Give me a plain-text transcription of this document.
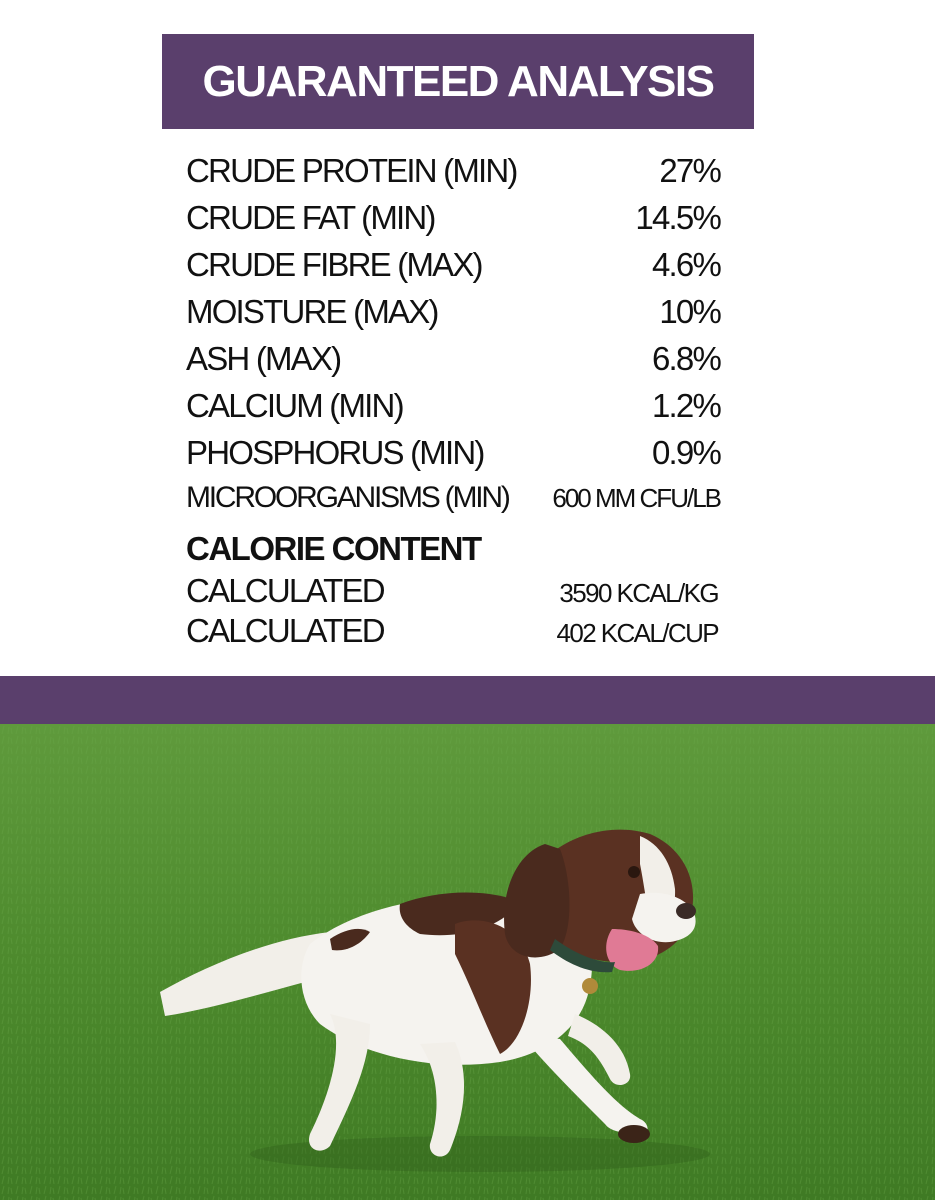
GUARANTEED ANALYSIS
CRUDE PROTEIN (MIN)	27%
CRUDE FAT (MIN)	14.5%
CRUDE FIBRE (MAX)	4.6%
MOISTURE (MAX)	10%
ASH (MAX)	6.8%
CALCIUM (MIN)	1.2%
PHOSPHORUS (MIN)	0.9%
MICROORGANISMS (MIN) 600 MM CFU/LB
CALORIE CONTENT
CALCULATED	3590 KCAL/KG
CALCULATED	402 KCAL/CUP
